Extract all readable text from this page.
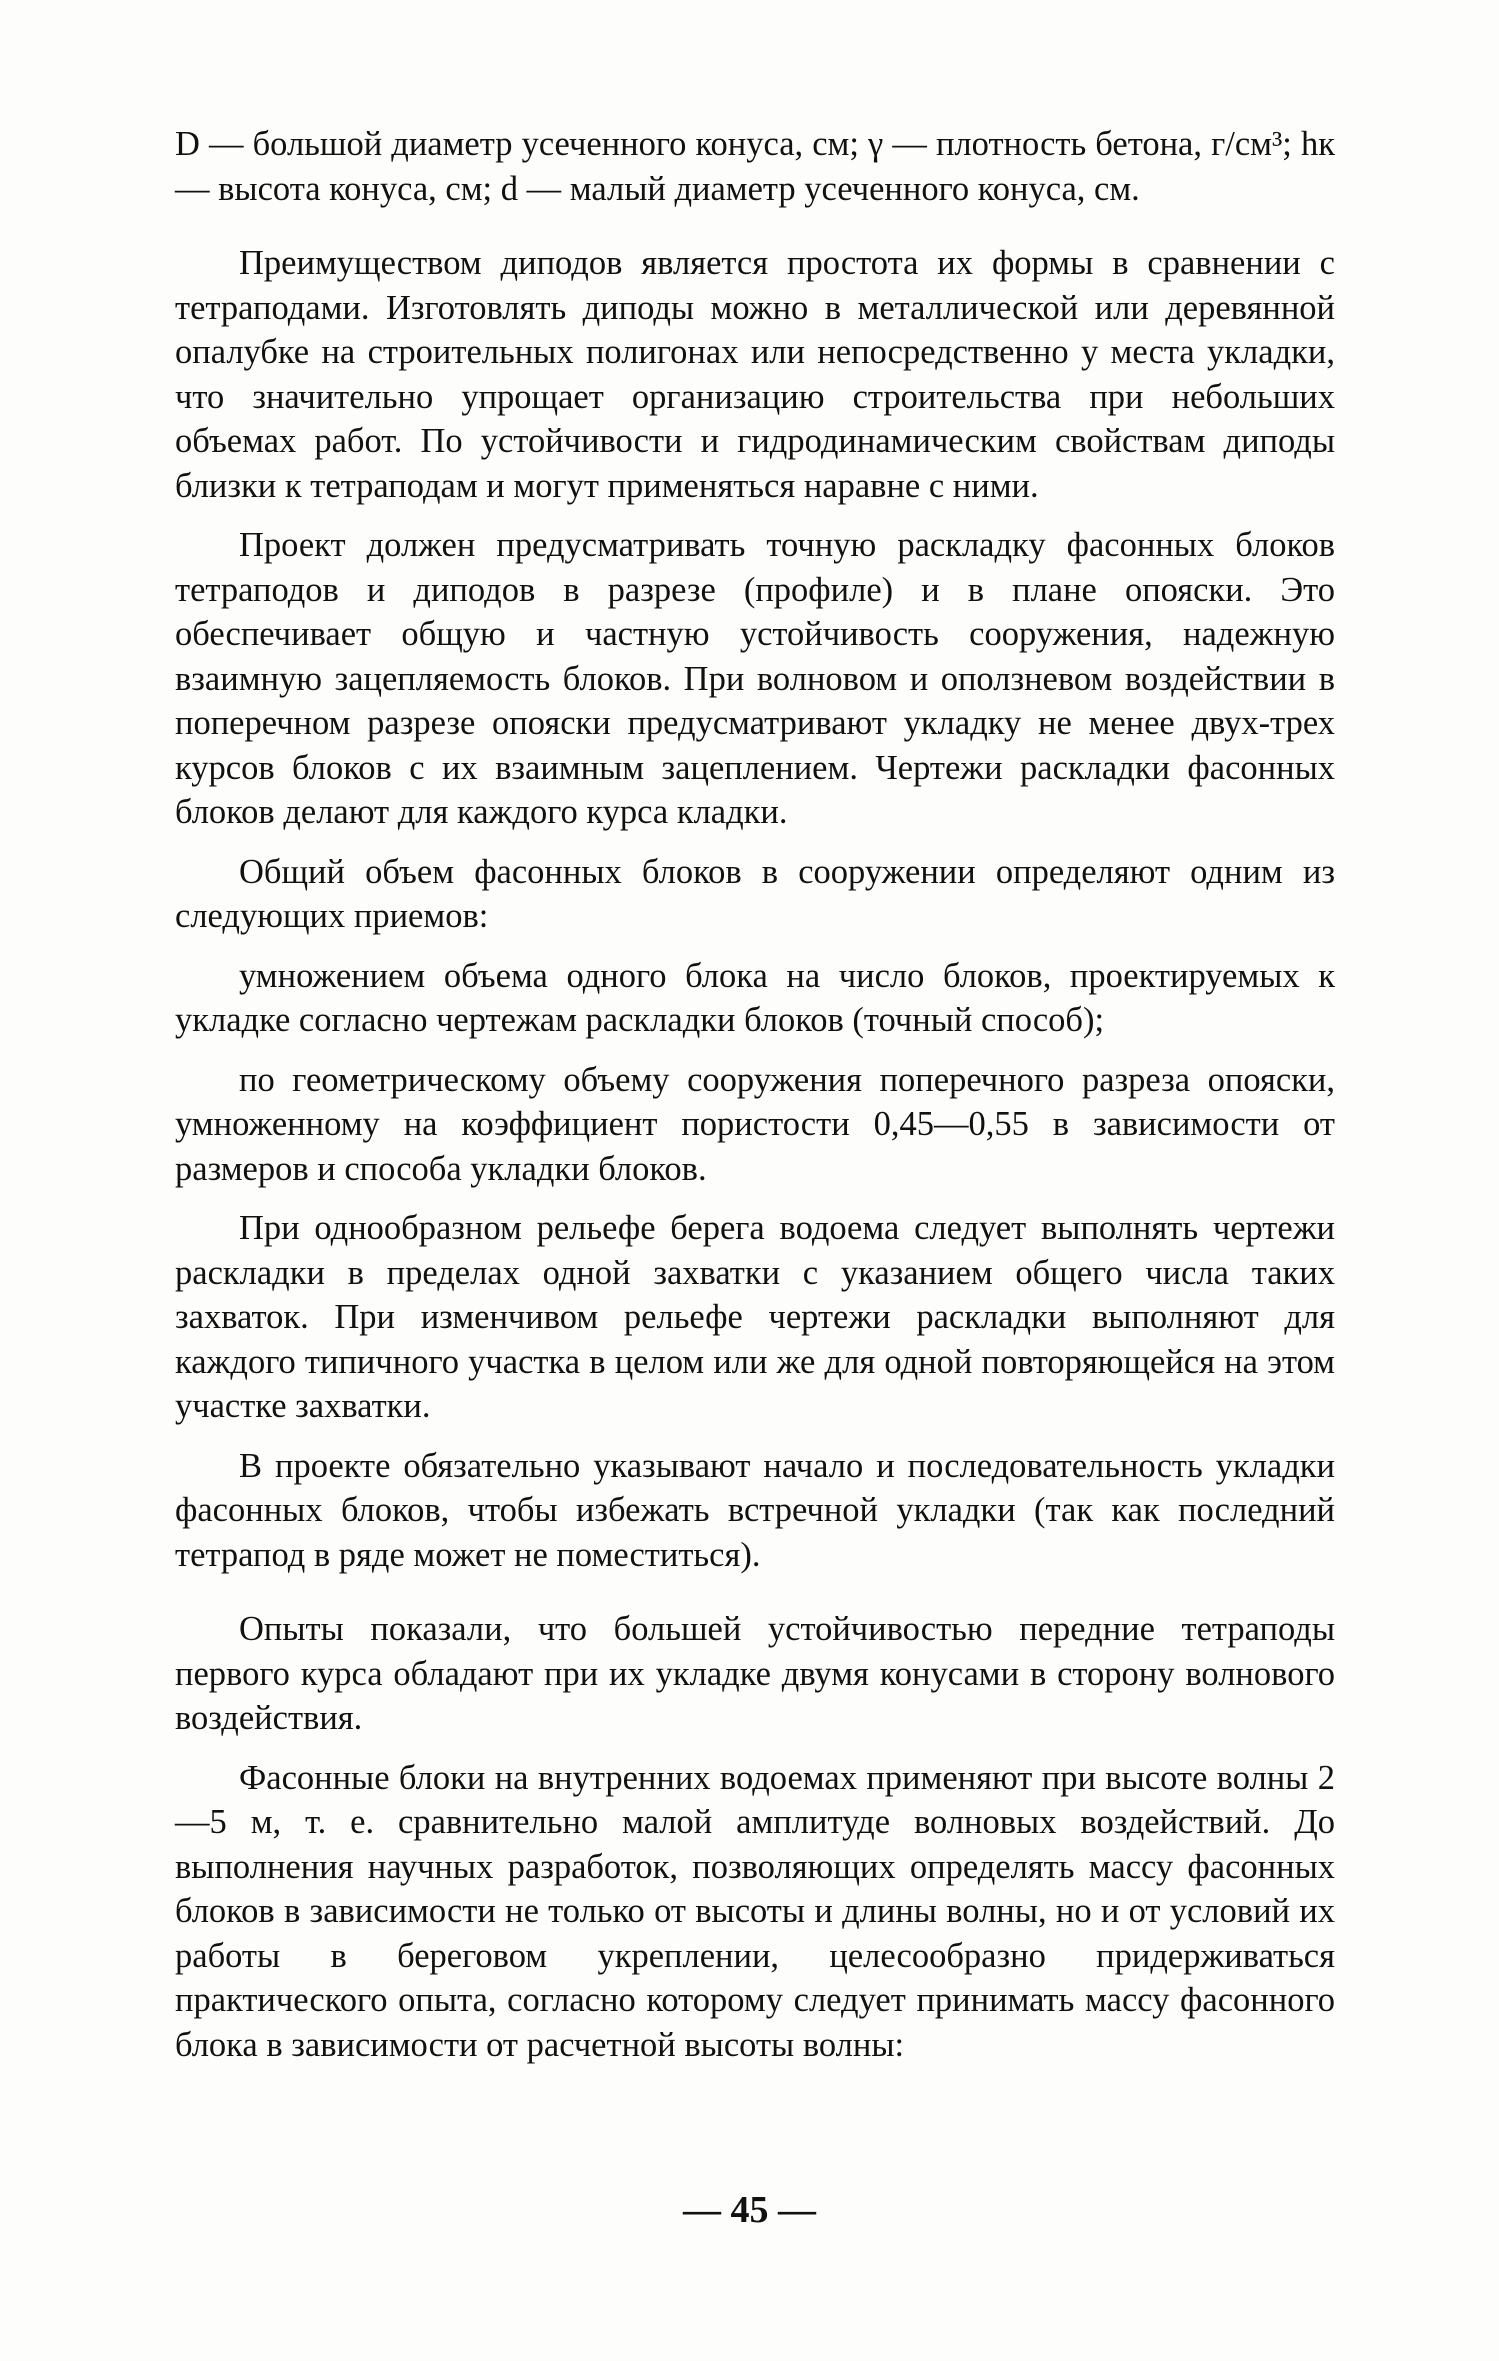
D — большой диаметр усеченного конуса, см; γ — плотность бетона, г/см³; hк — высота конуса, см; d — малый диаметр усеченного конуса, см.

Преимуществом диподов является простота их формы в сравнении с тетраподами. Изготовлять диподы можно в металлической или деревянной опалубке на строительных полигонах или непосредственно у места укладки, что значительно упрощает организацию строительства при небольших объемах работ. По устойчивости и гидродинамическим свойствам диподы близки к тетраподам и могут применяться наравне с ними.

Проект должен предусматривать точную раскладку фасонных блоков тетраподов и диподов в разрезе (профиле) и в плане опояски. Это обеспечивает общую и частную устойчивость сооружения, надежную взаимную зацепляемость блоков. При волновом и оползневом воздействии в поперечном разрезе опояски предусматривают укладку не менее двух-трех курсов блоков с их взаимным зацеплением. Чертежи раскладки фасонных блоков делают для каждого курса кладки.

Общий объем фасонных блоков в сооружении определяют одним из следующих приемов:

умножением объема одного блока на число блоков, проектируемых к укладке согласно чертежам раскладки блоков (точный способ);

по геометрическому объему сооружения поперечного разреза опояски, умноженному на коэффициент пористости 0,45—0,55 в зависимости от размеров и способа укладки блоков.

При однообразном рельефе берега водоема следует выполнять чертежи раскладки в пределах одной захватки с указанием общего числа таких захваток. При изменчивом рельефе чертежи раскладки выполняют для каждого типичного участка в целом или же для одной повторяющейся на этом участке захватки.

В проекте обязательно указывают начало и последовательность укладки фасонных блоков, чтобы избежать встречной укладки (так как последний тетрапод в ряде может не поместиться).

Опыты показали, что большей устойчивостью передние тетраподы первого курса обладают при их укладке двумя конусами в сторону волнового воздействия.

Фасонные блоки на внутренних водоемах применяют при высоте волны 2—5 м, т. е. сравнительно малой амплитуде волновых воздействий. До выполнения научных разработок, позволяющих определять массу фасонных блоков в зависимости не только от высоты и длины волны, но и от условий их работы в береговом укреплении, целесообразно придерживаться практического опыта, согласно которому следует принимать массу фасонного блока в зависимости от расчетной высоты волны:

— 45 —
